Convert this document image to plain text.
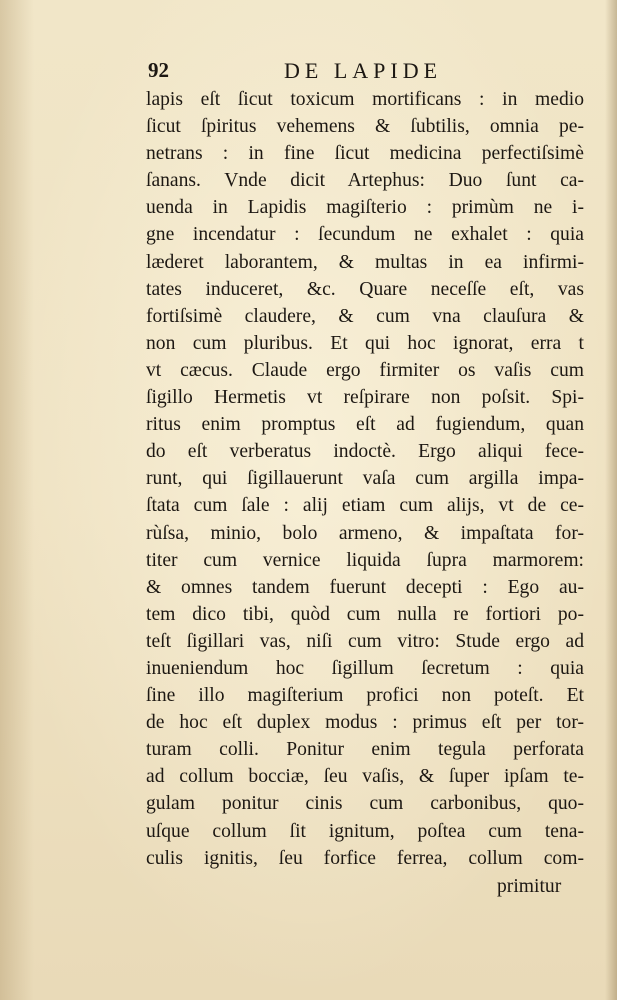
92	DE LAPIDE
lapis eſt ſicut toxicum mortificans : in medio
ſicut ſpiritus vehemens & ſubtilis, omnia pe-
netrans : in fine ſicut medicina perfectiſsimè
ſanans. Vnde dicit Artephus: Duo ſunt ca-
uenda in Lapidis magiſterio : primùm ne i-
gne incendatur : ſecundum ne exhalet : quia
læderet laborantem, & multas in ea infirmi-
tates induceret, &c. Quare neceſſe eſt, vas
fortiſsimè claudere, & cum vna clauſura &
non cum pluribus. Et qui hoc ignorat, erra t
vt cæcus. Claude ergo firmiter os vaſis cum
ſigillo Hermetis vt reſpirare non poſsit. Spi-
ritus enim promptus eſt ad fugiendum, quan
do eſt verberatus indoctè. Ergo aliqui fece-
runt, qui ſigillauerunt vaſa cum argilla impa-
ſtata cum ſale : alij etiam cum alijs, vt de ce-
rùſsa, minio, bolo armeno, & impaſtata for-
titer cum vernice liquida ſupra marmorem:
& omnes tandem fuerunt decepti : Ego au-
tem dico tibi, quòd cum nulla re fortiori po-
teſt ſigillari vas, niſi cum vitro: Stude ergo ad
inueniendum hoc ſigillum ſecretum : quia
ſine illo magiſterium profici non poteſt. Et
de hoc eſt duplex modus : primus eſt per tor-
turam colli. Ponitur enim tegula perforata
ad collum bocciæ, ſeu vaſis, & ſuper ipſam te-
gulam ponitur cinis cum carbonibus, quo-
uſque collum ſit ignitum, poſtea cum tena-
culis ignitis, ſeu forfice ferrea, collum com-
primitur
